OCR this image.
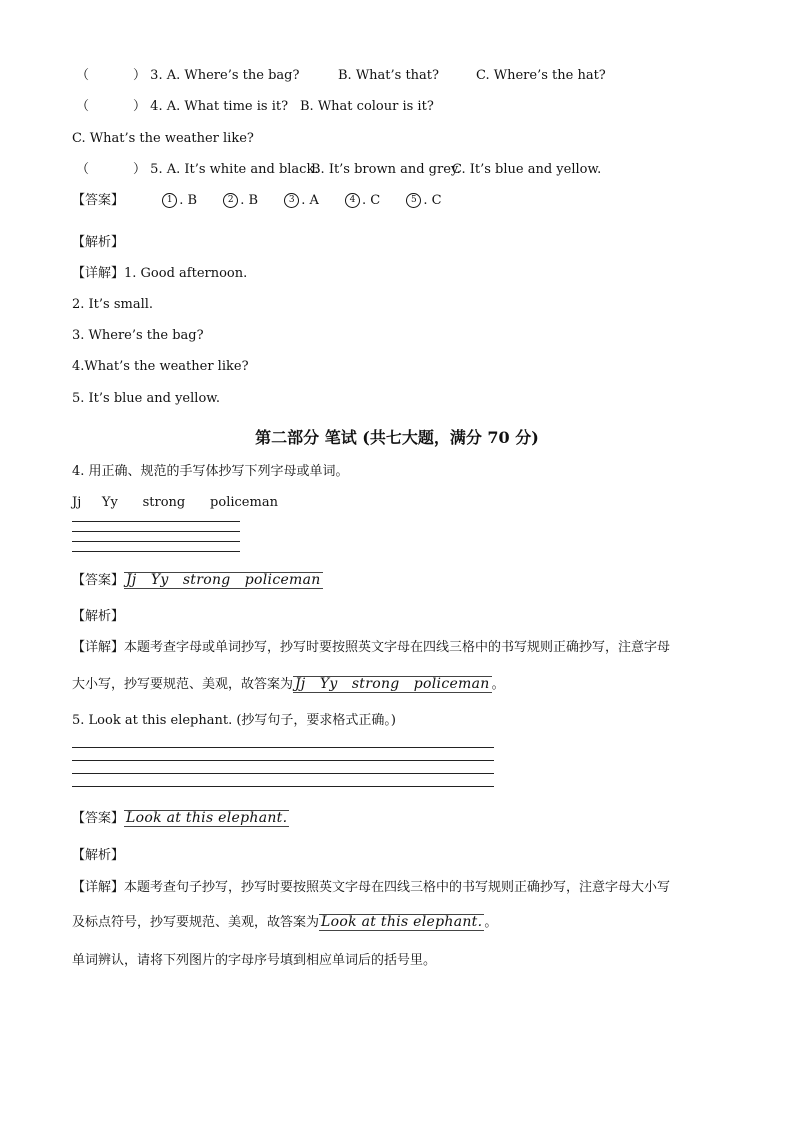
（	） 3. A. Where’s the bag?	B. What’s that?	C. Where’s the hat?
（	） 4. A. What time is it? B. What colour is it?
C. What’s the weather like?
（	） 5. A. It’s white and black.
B. It’s brown and grey.
C. It’s blue and yellow.
【答案】	1 . B	2 . B	3 . A	4 . C	5 . C
【解析】
【详解】1. Good afternoon.
2. It’s small.
3. Where’s the bag?
4.What’s the weather like?
5. It’s blue and yellow.
第二部分 笔试 (共七大题，满分 70 分)
4. 用正确、规范的手写体抄写下列字母或单词。
Jj     Yy      strong      policeman
【答案】 Jj   Yy   strong   policeman
【解析】
【详解】本题考查字母或单词抄写，抄写时要按照英文字母在四线三格中的书写规则正确抄写，注意字母
大小写，抄写要规范、美观，故答案为 Jj   Yy   strong   policeman 。
5. Look at this elephant. (抄写句子，要求格式正确。)
【答案】 Look at this elephant.
【解析】
【详解】本题考查句子抄写，抄写时要按照英文字母在四线三格中的书写规则正确抄写，注意字母大小写
及标点符号，抄写要规范、美观，故答案为 Look at this elephant. 。
单词辨认，请将下列图片的字母序号填到相应单词后的括号里。
